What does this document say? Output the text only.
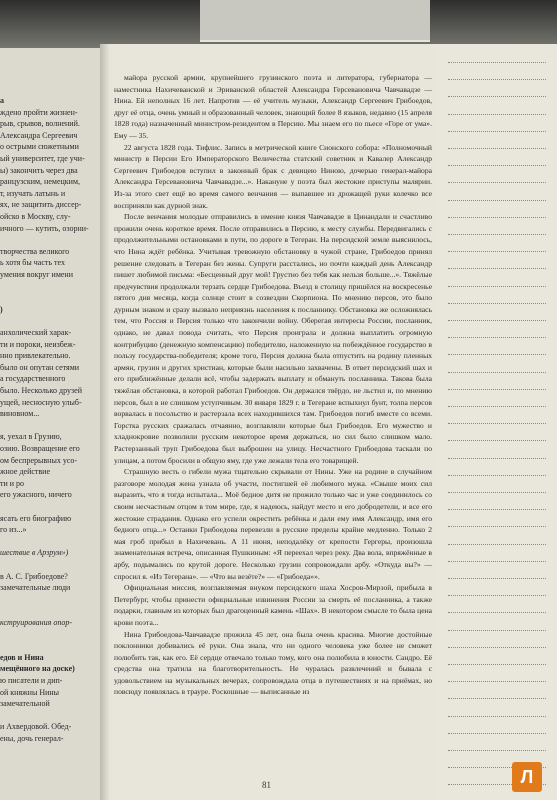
а
ждено пройти жизнен-
рыв, срывов, волнений.
Александра Сергеевич
о острыми сюжетными
ый университет, где учи-
ы) закончить через два
ранцузским, немецким,
т, изучать латынь и
ях, не защитить диссер-
ойско в Москву, слу-
ичного — кутить, озорни-
творчества великого
ь хотя бы часть тех
умения вокруг имени
)
анхолический харак-
ти и пороки, неизбеж-
нно привлекательно.
было он опутан сетями
а государственного
было. Несколько друзей
ущей, несносную улыб-
виновном...
я, уехал в Грузию,
озию. Возвращение его
ом беспрерывных усо-
жное действие
ти и ро
его ужасного, ничего
ясать его биографию
го из...»
шествие в Арзрум»)
в А. С. Грибоедове?
замечательные люди
кструирования опор-
едов и Нина
мещённого на доске)
ю писатели и дип-
ой княжны Нины
замечательной
и Ахвердовой. Обед-
ены, дочь генерал-

майора русской армии, крупнейшего грузинского поэта и литератора, губернатора — наместника Нахичеванской и Эриванской областей Александра Герсевановича Чавчавадзе — Нина. Ей неполных 16 лет. Напротив — её учитель музыки, Александр Сергеевич Грибоедов, друг её отца, очень умный и образованный человек, знающий более 8 языков, недавно (15 апреля 1828 года) назначенный министром-резидентом в Персию. Мы знаем его по пьесе «Горе от ума». Ему — 35.

22 августа 1828 года. Тифлис. Запись в метрической книге Сионского собора: «Полномочный министр в Персии Его Императорского Величества статский советник и Кавалер Александр Сергеевич Грибоедов вступил в законный брак с девицею Ниною, дочерью генерал-майора Александра Герсевановича Чавчавадзе...». Накануне у поэта был жестокие приступы малярии. Из-за этого свет ещё во время самого венчания — выпавшее из дрожащей руки колечко все восприняли как дурной знак.

После венчания молодые отправились в имение князя Чавчавадзе в Цинандали и счастливо прожили очень короткое время. После отправились в Персию, к месту службы. Передвигались с продолжительными остановками в пути, по дороге в Тегеран. На персидской земле выяснилось, что Нина ждёт ребёнка. Учитывая тревожную обстановку в чужой стране, Грибоедов принял решение следовать в Тегеран без жены. Супруги расстались, но почти каждый день Александр пишет любимой письма: «Бесценный друг мой! Грустно без тебя как нельзя больше...». Тяжёлые предчувствия продолжали терзать сердце Грибоедова. Въезд в столицу пришёлся на воскресенье пятого дня месяца, когда солнце стоит в созвездии Скорпиона. По мнению персов, это было дурным знаком и сразу вызвало неприязнь населения к посланнику. Обстановка же осложнялась тем, что Россия и Персия только что закончили войну. Оберегая интересы России, посланник, однако, не давал повода считать, что Персия проиграла и должна выплатить огромную контрибуцию (денежную компенсацию) победителю, наложенную на побеждённое государство в пользу государства-победителя; кроме того, Персия должна была отпустить на родину пленных армян, грузин и других христиан, которые были насильно захвачены. В ответ персидский шах и его приближённые делали всё, чтобы задержать выплату и обмануть посланника. Такова была тяжёлая обстановка, в которой работал Грибоедов. Он держался твёрдо, не льстил и, по мнению персов, был в не слишком уступчивым. 30 января 1829 г. в Тегеране вспыхнул бунт, толпа персов ворвалась в посольство и растерзала всех находившихся там. Грибоедов погиб вместе со всеми. Горстка русских сражалась отчаянно, возглавляли которые был Грибоедов. Его мужество и хладнокровие позволили русским некоторое время держаться, но сил было слишком мало. Растерзанный труп Грибоедова был выброшен на улицу. Несчастного Грибоедова таскали по улицам, а потом бросили в общую яму, где уже лежали тела его товарищей.

Страшную весть о гибели мужа тщательно скрывали от Нины. Уже на родине в случайном разговоре молодая жена узнала об участи, постигшей её любимого мужа. «Свыше моих сил выразить, что я тогда испытала... Моё бедное дитя не прожило только час и уже соединилось со своим несчастным отцом в том мире, где, я надеюсь, найдут место и его добродетели, и все его жестокие страдания. Однако его успели окрестить ребёнка и дали ему имя Александр, имя его бедного отца...» Останки Грибоедова перевезли в русские пределы крайне медленно. Только 2 мая гроб прибыл в Нахичевань. А 11 июня, неподалёку от крепости Гергеры, произошла знаменательная встреча, описанная Пушкиным: «Я переехал через реку. Два вола, впряжённые в арбу, подымались по крутой дороге. Несколько грузин сопровождали арбу. «Откуда вы?» — спросил я. «Из Тегерана». — «Что вы везёте?» — «Грибоеда»».

Официальная миссия, возглавляемая внуком персидского шаха Хосров-Мирзой, прибыла в Петербург, чтобы принести официальные извинения России за смерть её посланника, а также подарки, главным из которых был драгоценный камень «Шах». В некотором смысле то была цена крови поэта...

Нина Грибоедова-Чавчавадзе прожила 45 лет, она была очень красива. Многие достойные поклонники добивались её руки. Она знала, что ни одного человека уже более не сможет полюбить так, как его. Её сердце отвечало только тому, кого она полюбила в юности. Сандро. Её средства она тратила на благотворительность. Не чуралась развлечений и бывала с удовольствием на музыкальных вечерах, сопровождала отца в путешествиях и на приёмах, но повсюду появлялась в трауре. Роскошные — выписанные из

81	Л
